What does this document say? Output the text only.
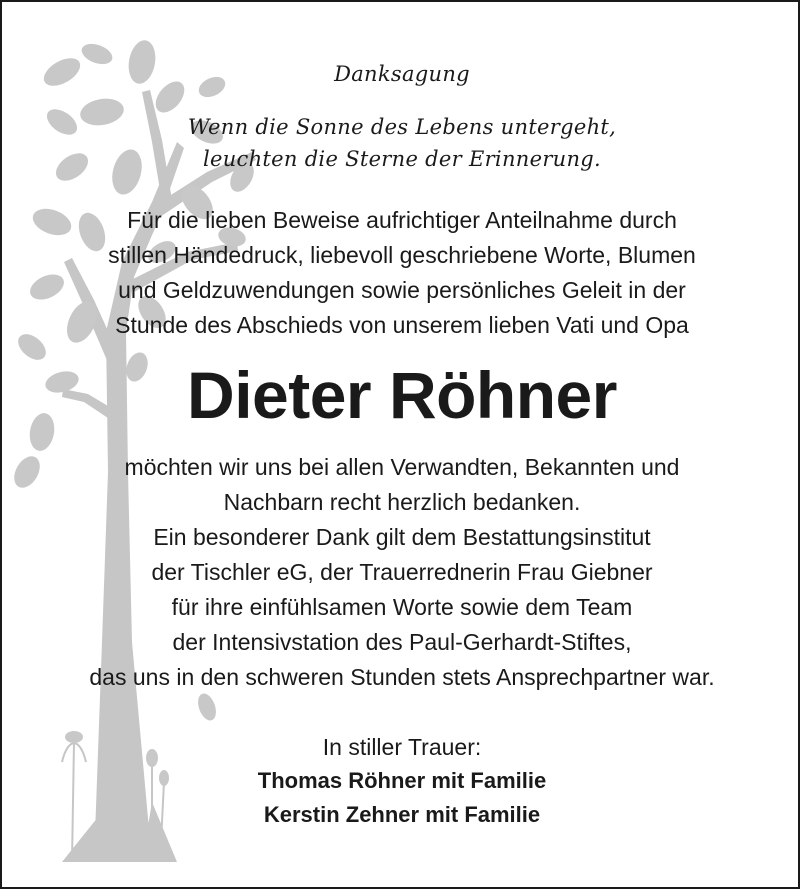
Danksagung
Wenn die Sonne des Lebens untergeht,
leuchten die Sterne der Erinnerung.
Für die lieben Beweise aufrichtiger Anteilnahme durch
stillen Händedruck, liebevoll geschriebene Worte, Blumen
und Geldzuwendungen sowie persönliches Geleit in der
Stunde des Abschieds von unserem lieben Vati und Opa
Dieter Röhner
möchten wir uns bei allen Verwandten, Bekannten und
Nachbarn recht herzlich bedanken.
Ein besonderer Dank gilt dem Bestattungsinstitut
der Tischler eG, der Trauerrednerin Frau Giebner
für ihre einfühlsamen Worte sowie dem Team
der Intensivstation des Paul-Gerhardt-Stiftes,
das uns in den schweren Stunden stets Ansprechpartner war.
In stiller Trauer:
Thomas Röhner mit Familie
Kerstin Zehner mit Familie
